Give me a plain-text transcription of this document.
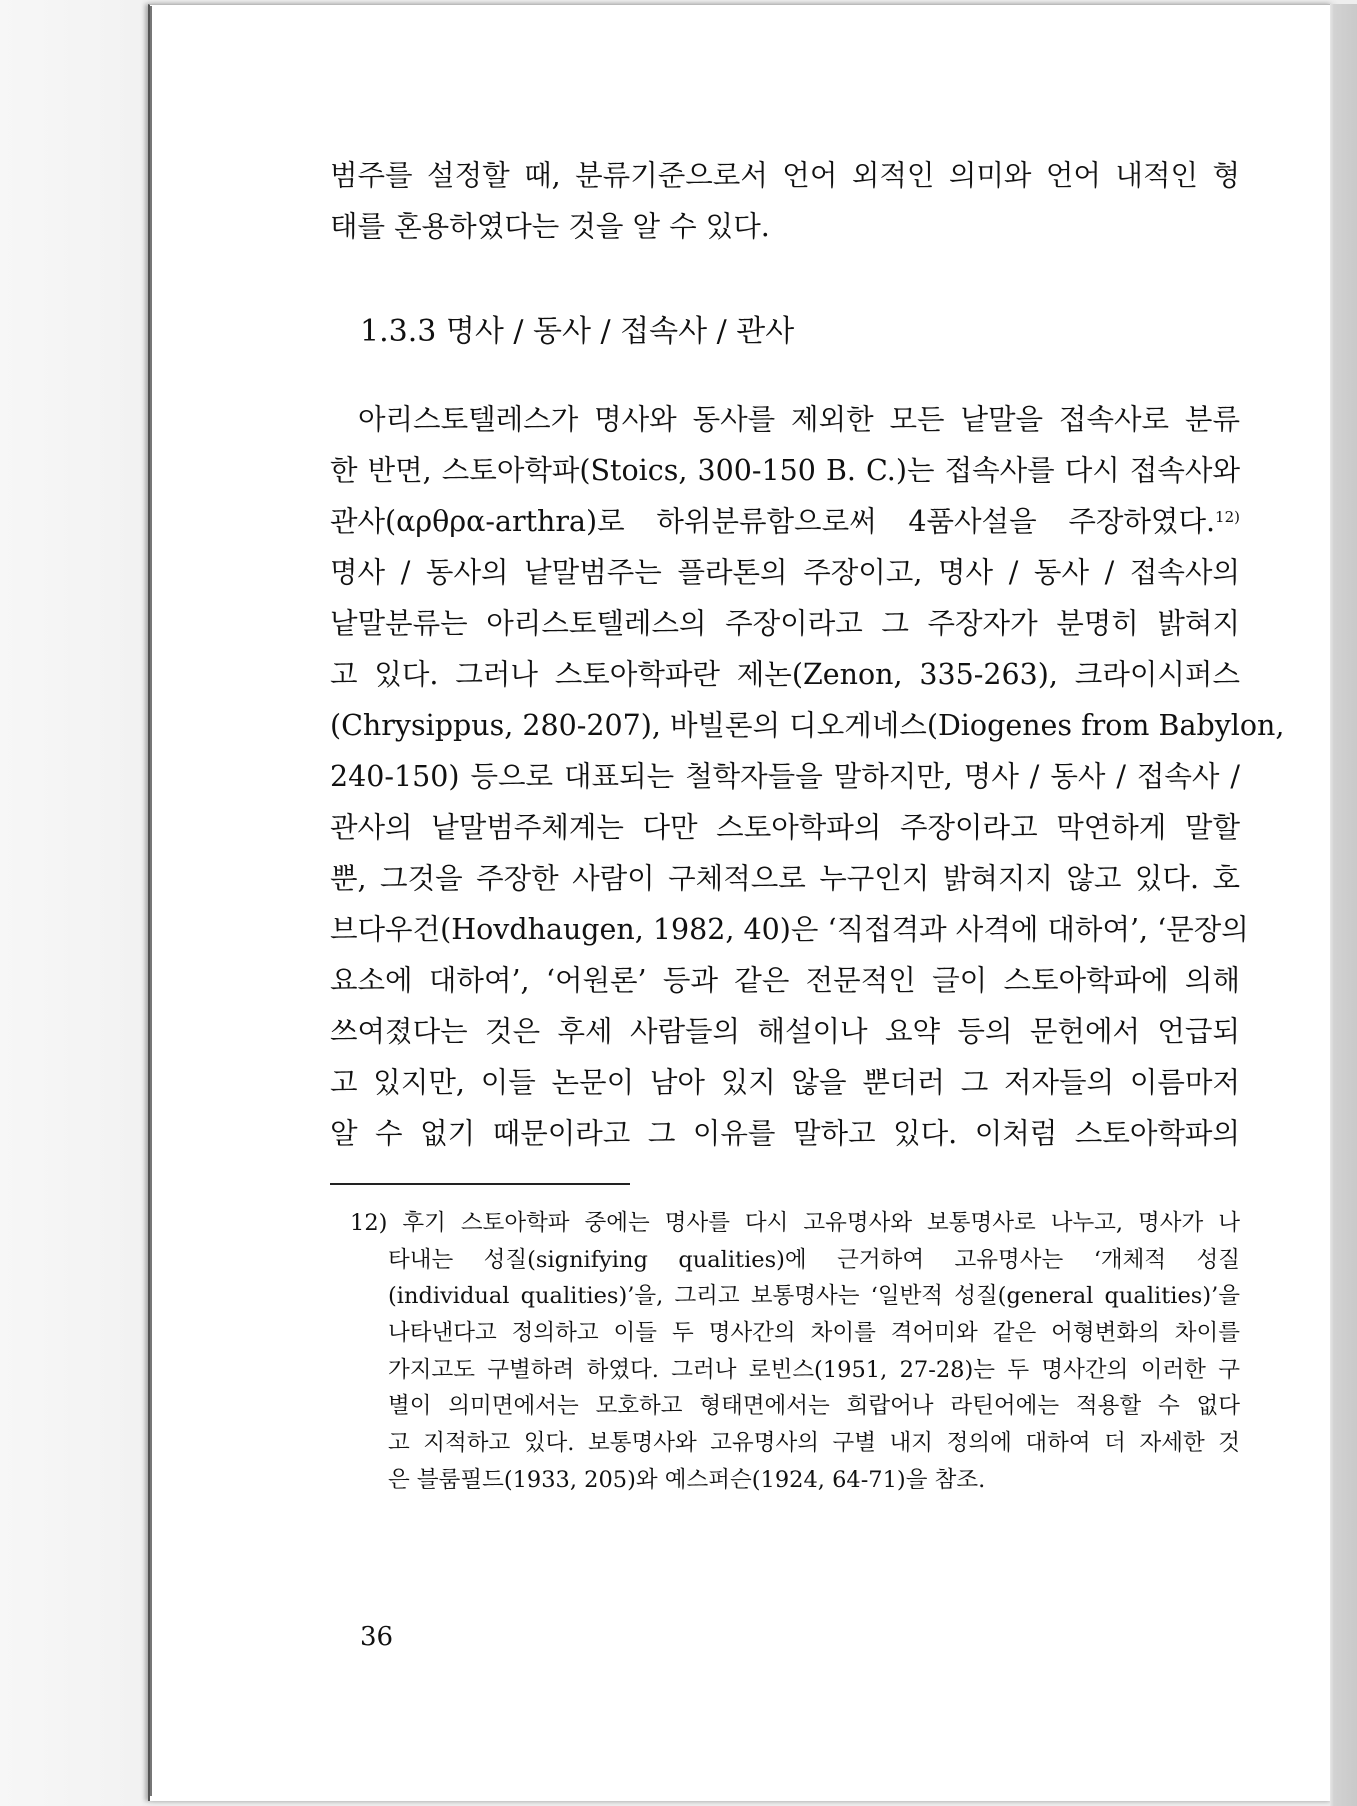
범주를 설정할 때, 분류기준으로서 언어 외적인 의미와 언어 내적인 형
태를 혼용하였다는 것을 알 수 있다.
1.3.3 명사 / 동사 / 접속사 / 관사
아리스토텔레스가 명사와 동사를 제외한 모든 낱말을 접속사로 분류
한 반면, 스토아학파(Stoics, 300-150 B. C.)는 접속사를 다시 접속사와
관사(αρθρα-arthra)로 하위분류함으로써 4품사설을 주장하였다.$^{12)}$
명사 / 동사의 낱말범주는 플라톤의 주장이고, 명사 / 동사 / 접속사의
낱말분류는 아리스토텔레스의 주장이라고 그 주장자가 분명히 밝혀지
고 있다. 그러나 스토아학파란 제논(Zenon, 335-263), 크라이시퍼스
(Chrysippus, 280-207), 바빌론의 디오게네스(Diogenes from Babylon,
240-150) 등으로 대표되는 철학자들을 말하지만, 명사 / 동사 / 접속사 /
관사의 낱말범주체계는 다만 스토아학파의 주장이라고 막연하게 말할
뿐, 그것을 주장한 사람이 구체적으로 누구인지 밝혀지지 않고 있다. 호
브다우건(Hovdhaugen, 1982, 40)은 ‘직접격과 사격에 대하여’, ‘문장의
요소에 대하여’, ‘어원론’ 등과 같은 전문적인 글이 스토아학파에 의해
쓰여졌다는 것은 후세 사람들의 해설이나 요약 등의 문헌에서 언급되
고 있지만, 이들 논문이 남아 있지 않을 뿐더러 그 저자들의 이름마저
알 수 없기 때문이라고 그 이유를 말하고 있다. 이처럼 스토아학파의
12) 후기 스토아학파 중에는 명사를 다시 고유명사와 보통명사로 나누고, 명사가 나
타내는 성질(signifying qualities)에 근거하여 고유명사는 ‘개체적 성질
(individual qualities)’을, 그리고 보통명사는 ‘일반적 성질(general qualities)’을
나타낸다고 정의하고 이들 두 명사간의 차이를 격어미와 같은 어형변화의 차이를
가지고도 구별하려 하였다. 그러나 로빈스(1951, 27-28)는 두 명사간의 이러한 구
별이 의미면에서는 모호하고 형태면에서는 희랍어나 라틴어에는 적용할 수 없다
고 지적하고 있다. 보통명사와 고유명사의 구별 내지 정의에 대하여 더 자세한 것
은 블룸필드(1933, 205)와 예스퍼슨(1924, 64-71)을 참조.
36
